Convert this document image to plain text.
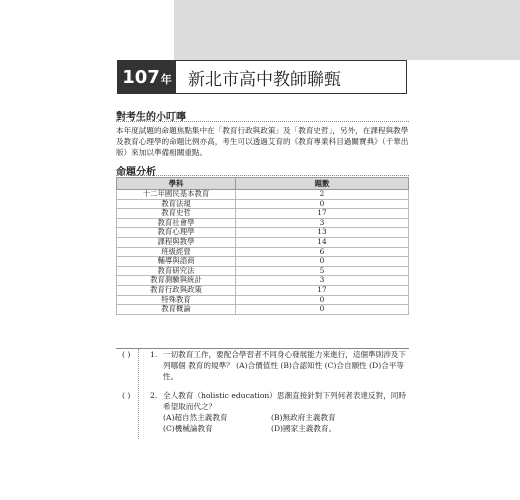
107 年 新北市高中教師聯甄
對考生的小叮嚀
本年度試題的命題焦點集中在「教育行政與政策」及「教育史哲」，另外，在課程與教學及教育心理學的命題比例亦高，考生可以透過艾育的《教育專業科目過關寶典》（千華出版）來加以準備相關重點。
命題分析
學科	題數
十二年國民基本教育	2
教育法規	0
教育史哲	17
教育社會學	3
教育心理學	13
課程與教學	14
班級經營	6
輔導與諮商	0
教育研究法	5
教育測驗與統計	3
教育行政與政策	17
特殊教育	0
教育概論	0
( )	1. 一切教育工作，要配合學習者不同身心發展能力來進行，這個準則涉及下列哪個 教育的規準？ (A)合價值性 (B)合認知性 (C)合自願性 (D)合平等性。
( )	2. 全人教育（holistic education）思潮直接針對下列何者表達反對，同時希望取而代之？
(A)超自然主義教育	(B)無政府主義教育
(C)機械論教育	(D)國家主義教育。
